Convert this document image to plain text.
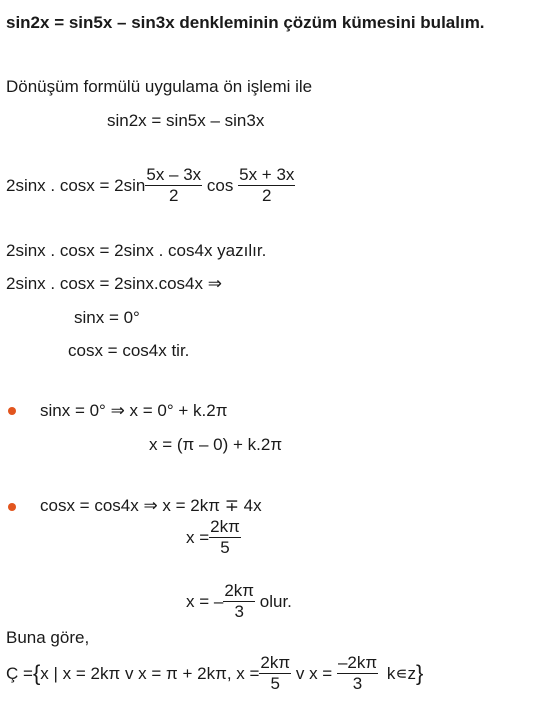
sin2x = sin5x – sin3x denkleminin çözüm kümesini bulalım.
Dönüşüm formülü uygulama ön işlemi ile
sin2x = sin5x – sin3x
2sinx . $\cos x = 2\sin \frac{5x - 3x}{2}$ $\cos \frac{5x + 3x}{2}$
2sinx . cosx = 2sinx . cos4x yazılır.
2sinx . cosx = 2sinx.cos4x ⇒
sinx = 0°
cosx = cos4x tir.
sinx = 0° ⇒ x = 0° + k.2π
x = (π – 0) + k.2π
cosx = cos4x ⇒ x = 2kπ ∓ 4x
$x = \frac{2k\pi}{5}$
x = – $\frac{2k\pi}{3}$ olur.
Buna göre,
Ç ={x | x = 2kπ v x = π + 2kπ, $x = \frac{2k\pi}{5}$ v $x = \frac{-2k\pi}{3}$ k∊z}
